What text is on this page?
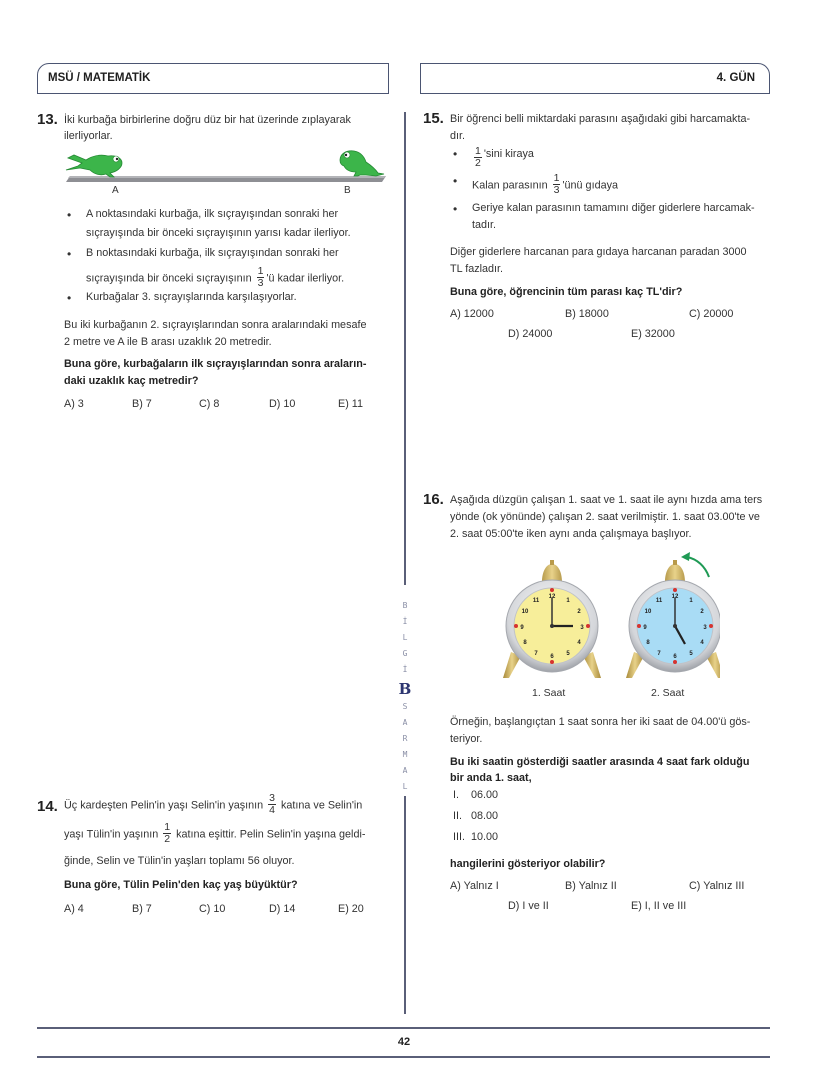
MSÜ / MATEMATİK	4. GÜN
B
İ
L
G
İ
B
S
A
R
M
A
L
13. İki kurbağa birbirlerine doğru düz bir hat üzerinde zıplayarak
ilerliyorlar.
A	B
• A noktasındaki kurbağa, ilk sıçrayışından sonraki her
sıçrayışında bir önceki sıçrayışının yarısı kadar ilerliyor.
• B noktasındaki kurbağa, ilk sıçrayışından sonraki her
sıçrayışında bir önceki sıçrayışının $\frac{1}{3}$ 'ü kadar ilerliyor.
• Kurbağalar 3. sıçrayışlarında karşılaşıyorlar.
Bu iki kurbağanın 2. sıçrayışlarından sonra aralarındaki mesafe
2 metre ve A ile B arası uzaklık 20 metredir.
Buna göre, kurbağaların ilk sıçrayışlarından sonra araların-
daki uzaklık kaç metredir?
A) 3	B) 7	C) 8	D) 10	E) 11
14. Üç kardeşten Pelin'in yaşı Selin'in yaşının $\frac{3}{4}$ katına ve Selin'in
yaşı Tülin'in yaşının $\frac{1}{2}$ katına eşittir. Pelin Selin'in yaşına geldi-
ğinde, Selin ve Tülin'in yaşları toplamı 56 oluyor.
Buna göre, Tülin Pelin'den kaç yaş büyüktür?
A) 4	B) 7	C) 10	D) 14	E) 20
15. Bir öğrenci belli miktardaki parasını aşağıdaki gibi harcamakta-
dır.
• $\frac{1}{2}$ 'sini kiraya
• Kalan parasının $\frac{1}{3}$ 'ünü gıdaya
• Geriye kalan parasının tamamını diğer giderlere harcamak-
tadır.
Diğer giderlere harcanan para gıdaya harcanan paradan 3000
TL fazladır.
Buna göre, öğrencinin tüm parası kaç TL'dir?
A) 12000	B) 18000	C) 20000
D) 24000	E) 32000
16. Aşağıda düzgün çalışan 1. saat ve 1. saat ile aynı hızda ama ters
yönde (ok yönünde) çalışan 2. saat verilmiştir. 1. saat 03.00'te ve
2. saat 05:00'te iken aynı anda çalışmaya başlıyor.
12
1
2
3
4
5
6
7
8
9
10
11
12
1
2
3
4
5
6
7
8
9
10
11
1. Saat	2. Saat
Örneğin, başlangıçtan 1 saat sonra her iki saat de 04.00'ü gös-
teriyor.
Bu iki saatin gösterdiği saatler arasında 4 saat fark olduğu
bir anda 1. saat,
I. 06.00
II. 08.00
III. 10.00
hangilerini gösteriyor olabilir?
A) Yalnız I	B) Yalnız II	C) Yalnız III
D) I ve II	E) I, II ve III
42
